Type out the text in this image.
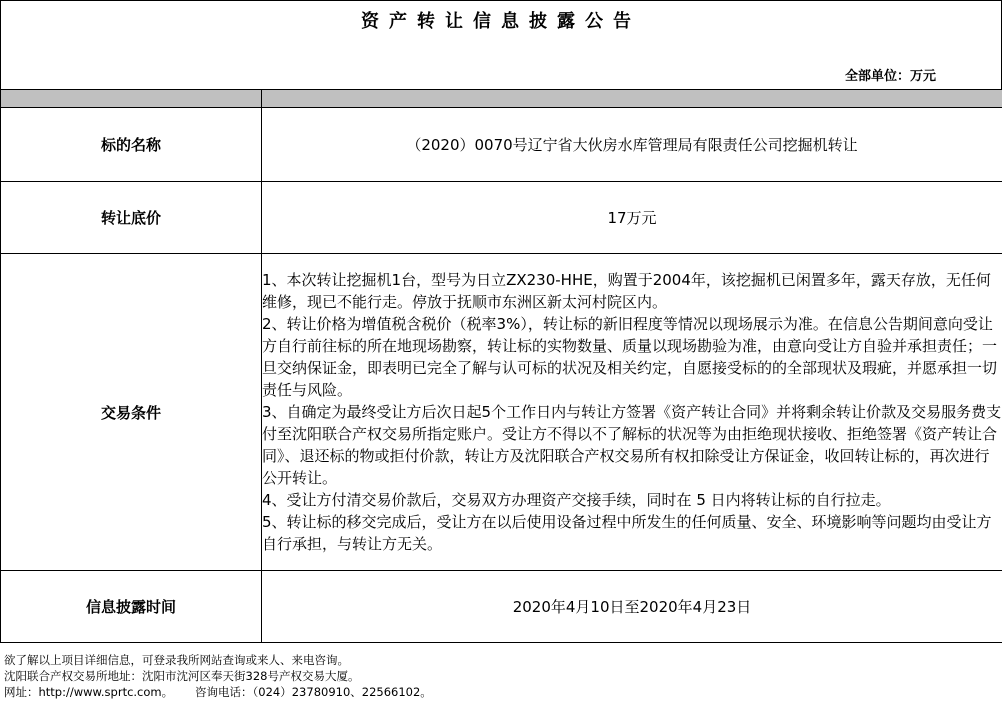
资产转让信息披露公告
全部单位：万元

标的名称	（2020）0070号辽宁省大伙房水库管理局有限责任公司挖掘机转让
转让底价	17万元
交易条件	1、本次转让挖掘机1台，型号为日立ZX230-HHE，购置于2004年，该挖掘机已闲置多年，露天存放，无任何维修，现已不能行走。停放于抚顺市东洲区新太河村院区内。
2、转让价格为增值税含税价（税率3%），转让标的新旧程度等情况以现场展示为准。在信息公告期间意向受让方自行前往标的所在地现场勘察，转让标的实物数量、质量以现场勘验为准，由意向受让方自验并承担责任；一旦交纳保证金，即表明已完全了解与认可标的状况及相关约定，自愿接受标的的全部现状及瑕疵，并愿承担一切责任与风险。
3、自确定为最终受让方后次日起5个工作日内与转让方签署《资产转让合同》并将剩余转让价款及交易服务费支付至沈阳联合产权交易所指定账户。受让方不得以不了解标的状况等为由拒绝现状接收、拒绝签署《资产转让合同》、退还标的物或拒付价款，转让方及沈阳联合产权交易所有权扣除受让方保证金，收回转让标的，再次进行公开转让。
4、受让方付清交易价款后，交易双方办理资产交接手续，同时在 5 日内将转让标的自行拉走。
5、转让标的移交完成后，受让方在以后使用设备过程中所发生的任何质量、安全、环境影响等问题均由受让方自行承担，与转让方无关。

信息披露时间	2020年4月10日至2020年4月23日
欲了解以上项目详细信息，可登录我所网站查询或来人、来电咨询。
沈阳联合产权交易所地址：沈阳市沈河区奉天街328号产权交易大厦。
网址：http://www.sprtc.com。      咨询电话：（024）23780910、22566102。
